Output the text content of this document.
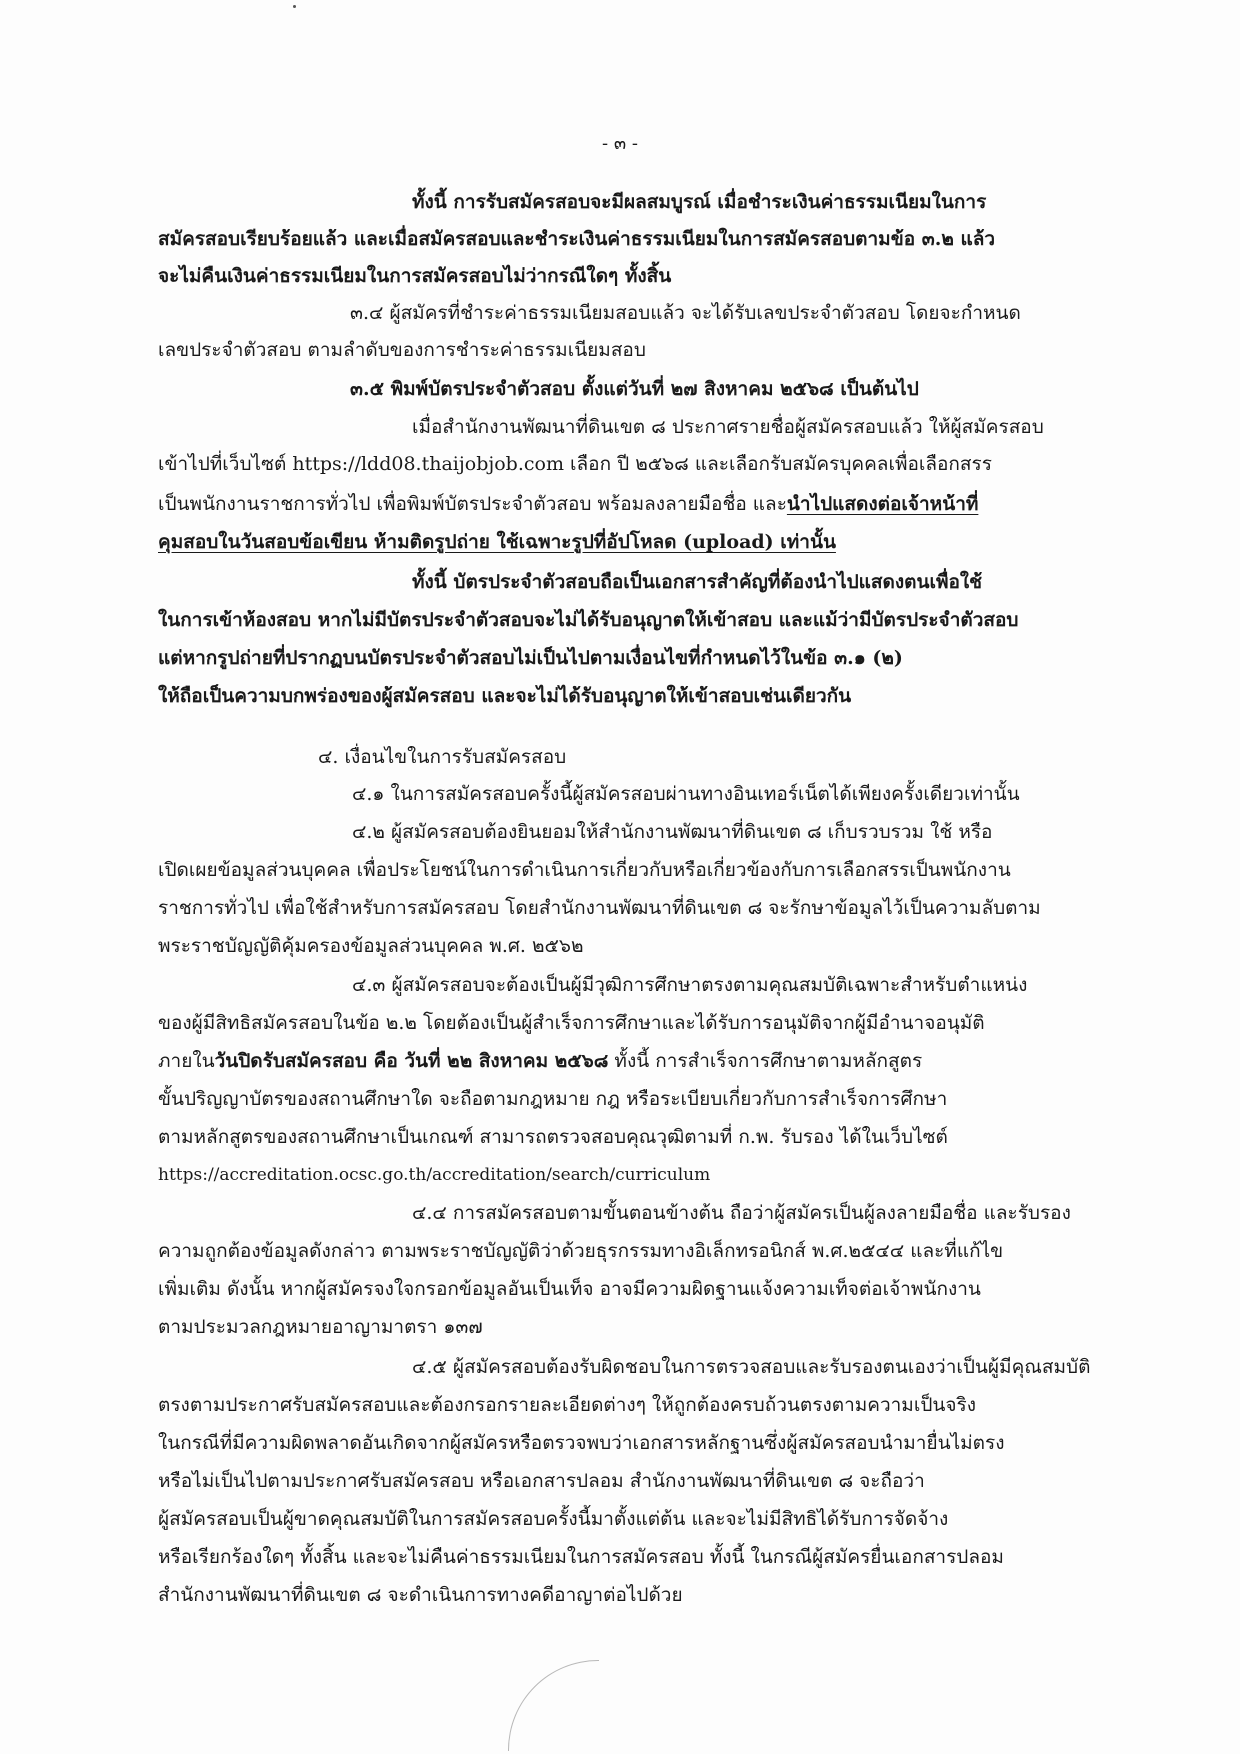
- ๓ -
ทั้งนี้ การรับสมัครสอบจะมีผลสมบูรณ์ เมื่อชำระเงินค่าธรรมเนียมในการ
สมัครสอบเรียบร้อยแล้ว และเมื่อสมัครสอบและชำระเงินค่าธรรมเนียมในการสมัครสอบตามข้อ ๓.๒ แล้ว
จะไม่คืนเงินค่าธรรมเนียมในการสมัครสอบไม่ว่ากรณีใดๆ ทั้งสิ้น
๓.๔ ผู้สมัครที่ชำระค่าธรรมเนียมสอบแล้ว จะได้รับเลขประจำตัวสอบ โดยจะกำหนด
เลขประจำตัวสอบ ตามลำดับของการชำระค่าธรรมเนียมสอบ
๓.๕ พิมพ์บัตรประจำตัวสอบ ตั้งแต่วันที่ ๒๗ สิงหาคม ๒๕๖๘ เป็นต้นไป
เมื่อสำนักงานพัฒนาที่ดินเขต ๘ ประกาศรายชื่อผู้สมัครสอบแล้ว ให้ผู้สมัครสอบ
เข้าไปที่เว็บไซต์ https://ldd08.thaijobjob.com เลือก ปี ๒๕๖๘ และเลือกรับสมัครบุคคลเพื่อเลือกสรร
เป็นพนักงานราชการทั่วไป เพื่อพิมพ์บัตรประจำตัวสอบ พร้อมลงลายมือชื่อ และนำไปแสดงต่อเจ้าหน้าที่
คุมสอบในวันสอบข้อเขียน ห้ามติดรูปถ่าย ใช้เฉพาะรูปที่อัปโหลด (upload) เท่านั้น
ทั้งนี้ บัตรประจำตัวสอบถือเป็นเอกสารสำคัญที่ต้องนำไปแสดงตนเพื่อใช้
ในการเข้าห้องสอบ หากไม่มีบัตรประจำตัวสอบจะไม่ได้รับอนุญาตให้เข้าสอบ และแม้ว่ามีบัตรประจำตัวสอบ
แต่หากรูปถ่ายที่ปรากฏบนบัตรประจำตัวสอบไม่เป็นไปตามเงื่อนไขที่กำหนดไว้ในข้อ ๓.๑ (๒)
ให้ถือเป็นความบกพร่องของผู้สมัครสอบ และจะไม่ได้รับอนุญาตให้เข้าสอบเช่นเดียวกัน
๔. เงื่อนไขในการรับสมัครสอบ
๔.๑ ในการสมัครสอบครั้งนี้ผู้สมัครสอบผ่านทางอินเทอร์เน็ตได้เพียงครั้งเดียวเท่านั้น
๔.๒ ผู้สมัครสอบต้องยินยอมให้สำนักงานพัฒนาที่ดินเขต ๘ เก็บรวบรวม ใช้ หรือ
เปิดเผยข้อมูลส่วนบุคคล เพื่อประโยชน์ในการดำเนินการเกี่ยวกับหรือเกี่ยวข้องกับการเลือกสรรเป็นพนักงาน
ราชการทั่วไป เพื่อใช้สำหรับการสมัครสอบ โดยสำนักงานพัฒนาที่ดินเขต ๘ จะรักษาข้อมูลไว้เป็นความลับตาม
พระราชบัญญัติคุ้มครองข้อมูลส่วนบุคคล พ.ศ. ๒๕๖๒
๔.๓ ผู้สมัครสอบจะต้องเป็นผู้มีวุฒิการศึกษาตรงตามคุณสมบัติเฉพาะสำหรับตำแหน่ง
ของผู้มีสิทธิสมัครสอบในข้อ ๒.๒ โดยต้องเป็นผู้สำเร็จการศึกษาและได้รับการอนุมัติจากผู้มีอำนาจอนุมัติ
ภายในวันปิดรับสมัครสอบ คือ วันที่ ๒๒ สิงหาคม ๒๕๖๘ ทั้งนี้ การสำเร็จการศึกษาตามหลักสูตร
ขั้นปริญญาบัตรของสถานศึกษาใด จะถือตามกฎหมาย กฎ หรือระเบียบเกี่ยวกับการสำเร็จการศึกษา
ตามหลักสูตรของสถานศึกษาเป็นเกณฑ์ สามารถตรวจสอบคุณวุฒิตามที่ ก.พ. รับรอง ได้ในเว็บไซต์
https://accreditation.ocsc.go.th/accreditation/search/curriculum
๔.๔ การสมัครสอบตามขั้นตอนข้างต้น ถือว่าผู้สมัครเป็นผู้ลงลายมือชื่อ และรับรอง
ความถูกต้องข้อมูลดังกล่าว ตามพระราชบัญญัติว่าด้วยธุรกรรมทางอิเล็กทรอนิกส์ พ.ศ.๒๕๔๔ และที่แก้ไข
เพิ่มเติม ดังนั้น หากผู้สมัครจงใจกรอกข้อมูลอันเป็นเท็จ อาจมีความผิดฐานแจ้งความเท็จต่อเจ้าพนักงาน
ตามประมวลกฎหมายอาญามาตรา ๑๓๗
๔.๕ ผู้สมัครสอบต้องรับผิดชอบในการตรวจสอบและรับรองตนเองว่าเป็นผู้มีคุณสมบัติ
ตรงตามประกาศรับสมัครสอบและต้องกรอกรายละเอียดต่างๆ ให้ถูกต้องครบถ้วนตรงตามความเป็นจริง
ในกรณีที่มีความผิดพลาดอันเกิดจากผู้สมัครหรือตรวจพบว่าเอกสารหลักฐานซึ่งผู้สมัครสอบนำมายื่นไม่ตรง
หรือไม่เป็นไปตามประกาศรับสมัครสอบ หรือเอกสารปลอม สำนักงานพัฒนาที่ดินเขต ๘ จะถือว่า
ผู้สมัครสอบเป็นผู้ขาดคุณสมบัติในการสมัครสอบครั้งนี้มาตั้งแต่ต้น และจะไม่มีสิทธิได้รับการจัดจ้าง
หรือเรียกร้องใดๆ ทั้งสิ้น และจะไม่คืนค่าธรรมเนียมในการสมัครสอบ ทั้งนี้ ในกรณีผู้สมัครยื่นเอกสารปลอม
สำนักงานพัฒนาที่ดินเขต ๘ จะดำเนินการทางคดีอาญาต่อไปด้วย
